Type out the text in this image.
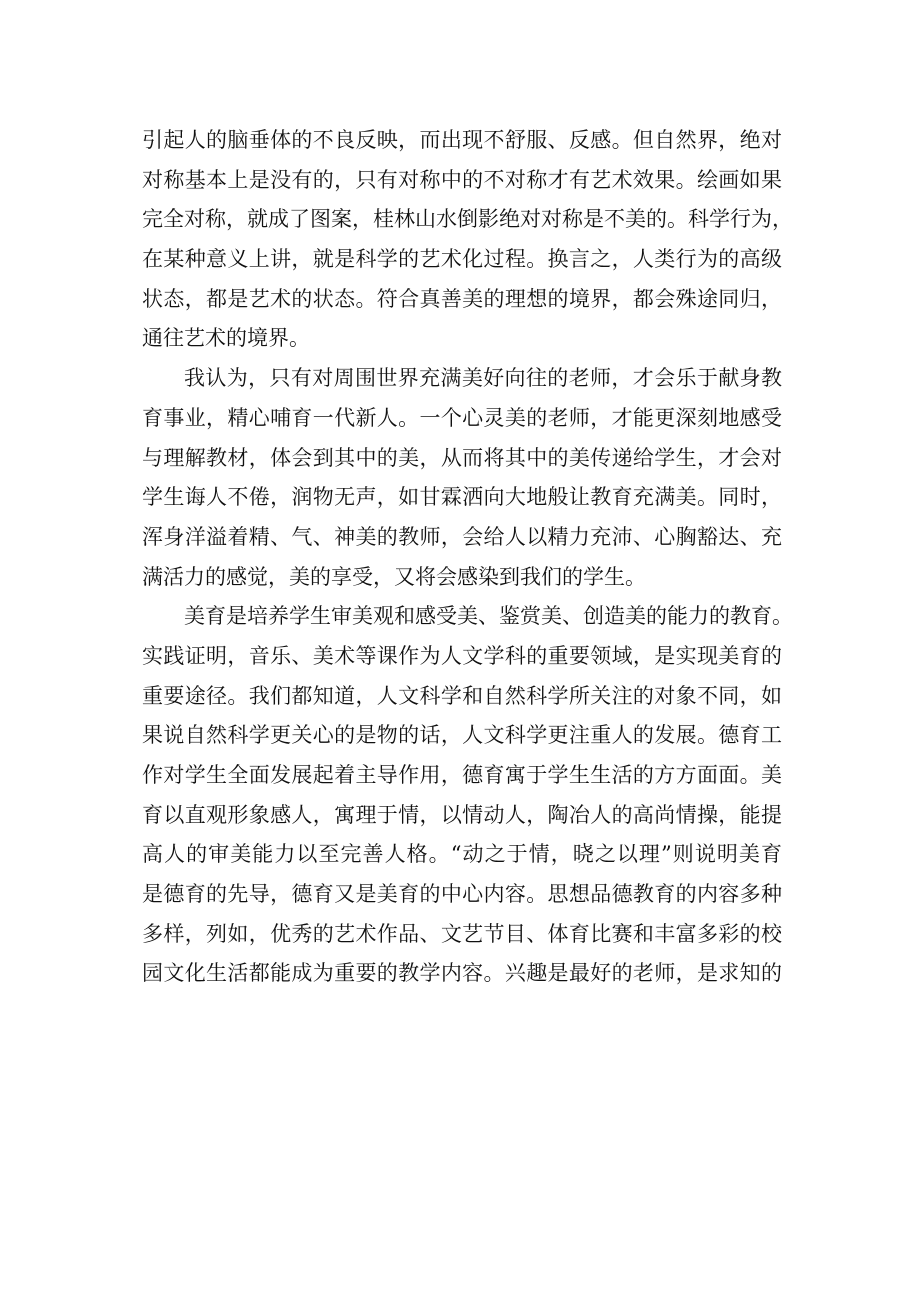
引起人的脑垂体的不良反映，而出现不舒服、反感。但自然界，绝对
对称基本上是没有的，只有对称中的不对称才有艺术效果。绘画如果
完全对称，就成了图案，桂林山水倒影绝对对称是不美的。科学行为，
在某种意义上讲，就是科学的艺术化过程。换言之，人类行为的高级
状态，都是艺术的状态。符合真善美的理想的境界，都会殊途同归，
通往艺术的境界。
我认为，只有对周围世界充满美好向往的老师，才会乐于献身教
育事业，精心哺育一代新人。一个心灵美的老师，才能更深刻地感受
与理解教材，体会到其中的美，从而将其中的美传递给学生，才会对
学生诲人不倦，润物无声，如甘霖洒向大地般让教育充满美。同时，
浑身洋溢着精、气、神美的教师，会给人以精力充沛、心胸豁达、充
满活力的感觉，美的享受，又将会感染到我们的学生。
美育是培养学生审美观和感受美、鉴赏美、创造美的能力的教育。
实践证明，音乐、美术等课作为人文学科的重要领域，是实现美育的
重要途径。我们都知道，人文科学和自然科学所关注的对象不同，如
果说自然科学更关心的是物的话，人文科学更注重人的发展。德育工
作对学生全面发展起着主导作用，德育寓于学生生活的方方面面。美
育以直观形象感人，寓理于情，以情动人，陶冶人的高尚情操，能提
高人的审美能力以至完善人格。“动之于情，晓之以理”则说明美育
是德育的先导，德育又是美育的中心内容。思想品德教育的内容多种
多样，列如，优秀的艺术作品、文艺节目、体育比赛和丰富多彩的校
园文化生活都能成为重要的教学内容。兴趣是最好的老师，是求知的
